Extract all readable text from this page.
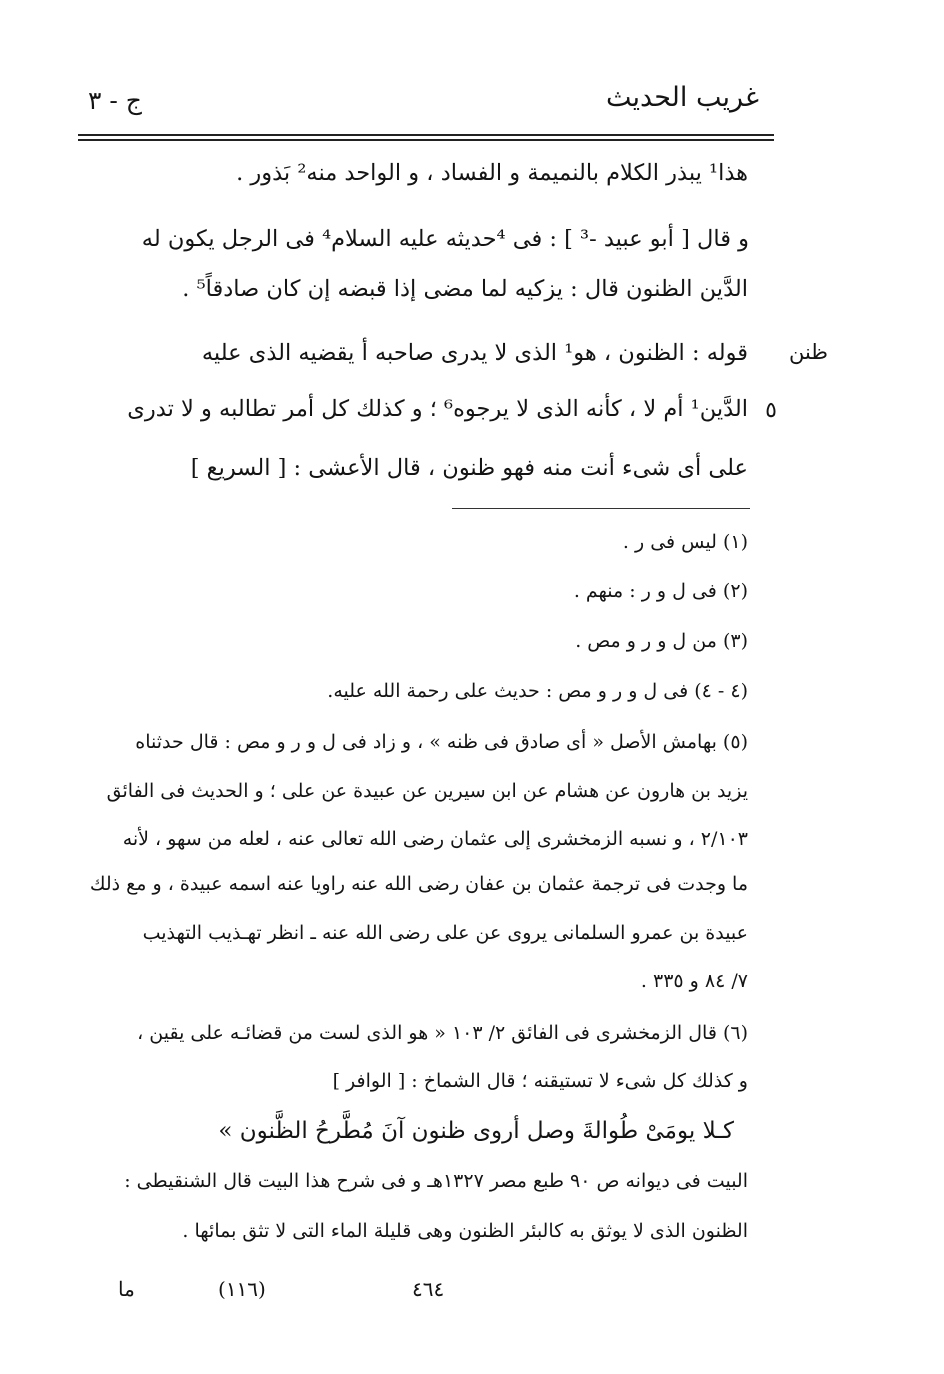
غريب الحديث
ج - ٣
هذا¹ يبذر الكلام بالنميمة و الفساد ، و الواحد منه² بَذور .
و قال [ أبو عبيد -³ ] : فى ⁴حديثه عليه السلام⁴ فى الرجل يكون له
الدَّين الظنون قال : يزكيه لما مضى إذا قبضه إن كان صادقاً⁵ .
ظنن
قوله : الظنون ، هو¹ الذى لا يدرى صاحبه أ يقضيه الذى عليه
٥
الدَّين¹ أم لا ، كأنه الذى لا يرجوه⁶ ؛ و كذلك كل أمر تطالبه و لا تدرى
على أى شىء أنت منه فهو ظنون ، قال الأعشى : [ السريع ]
(١) ليس فى ر .
(٢) فى ل و ر : منهم .
(٣) من ل و ر و مص .
(٤ - ٤) فى ل و ر و مص : حديث على رحمة الله عليه.
(٥) بهامش الأصل « أى صادق فى ظنه » ، و زاد فى ل و ر و مص : قال حدثناه
يزيد بن هارون عن هشام عن ابن سيرين عن عبيدة عن على ؛ و الحديث فى الفائق
٢/١٠٣ ، و نسبه الزمخشرى إلى عثمان رضى الله تعالى عنه ، لعله من سهو ، لأنه
ما وجدت فى ترجمة عثمان بن عفان رضى الله عنه راويا عنه اسمه عبيدة ، و مع ذلك
عبيدة بن عمرو السلمانى يروى عن على رضى الله عنه ـ انظر تهـذيب التهذيب
٧/ ٨٤ و ٣٣٥ .
(٦) قال الزمخشرى فى الفائق ٢/ ١٠٣ « هو الذى لست من قضائـه على يقين ،
و كذلك كل شىء لا تستيقنه ؛ قال الشماخ : [ الوافر ]
كـلا يومَىْ طُوالةَ وصل أروى ظنون آنَ مُطَّرحُ الظَّنون »
البيت فى ديوانه ص ٩٠ طبع مصر ١٣٢٧هـ و فى شرح هذا البيت قال الشنقيطى :
الظنون الذى لا يوثق به كالبئر الظنون وهى قليلة الماء التى لا تثق بمائها .
ما	(١١٦)	٤٦٤
